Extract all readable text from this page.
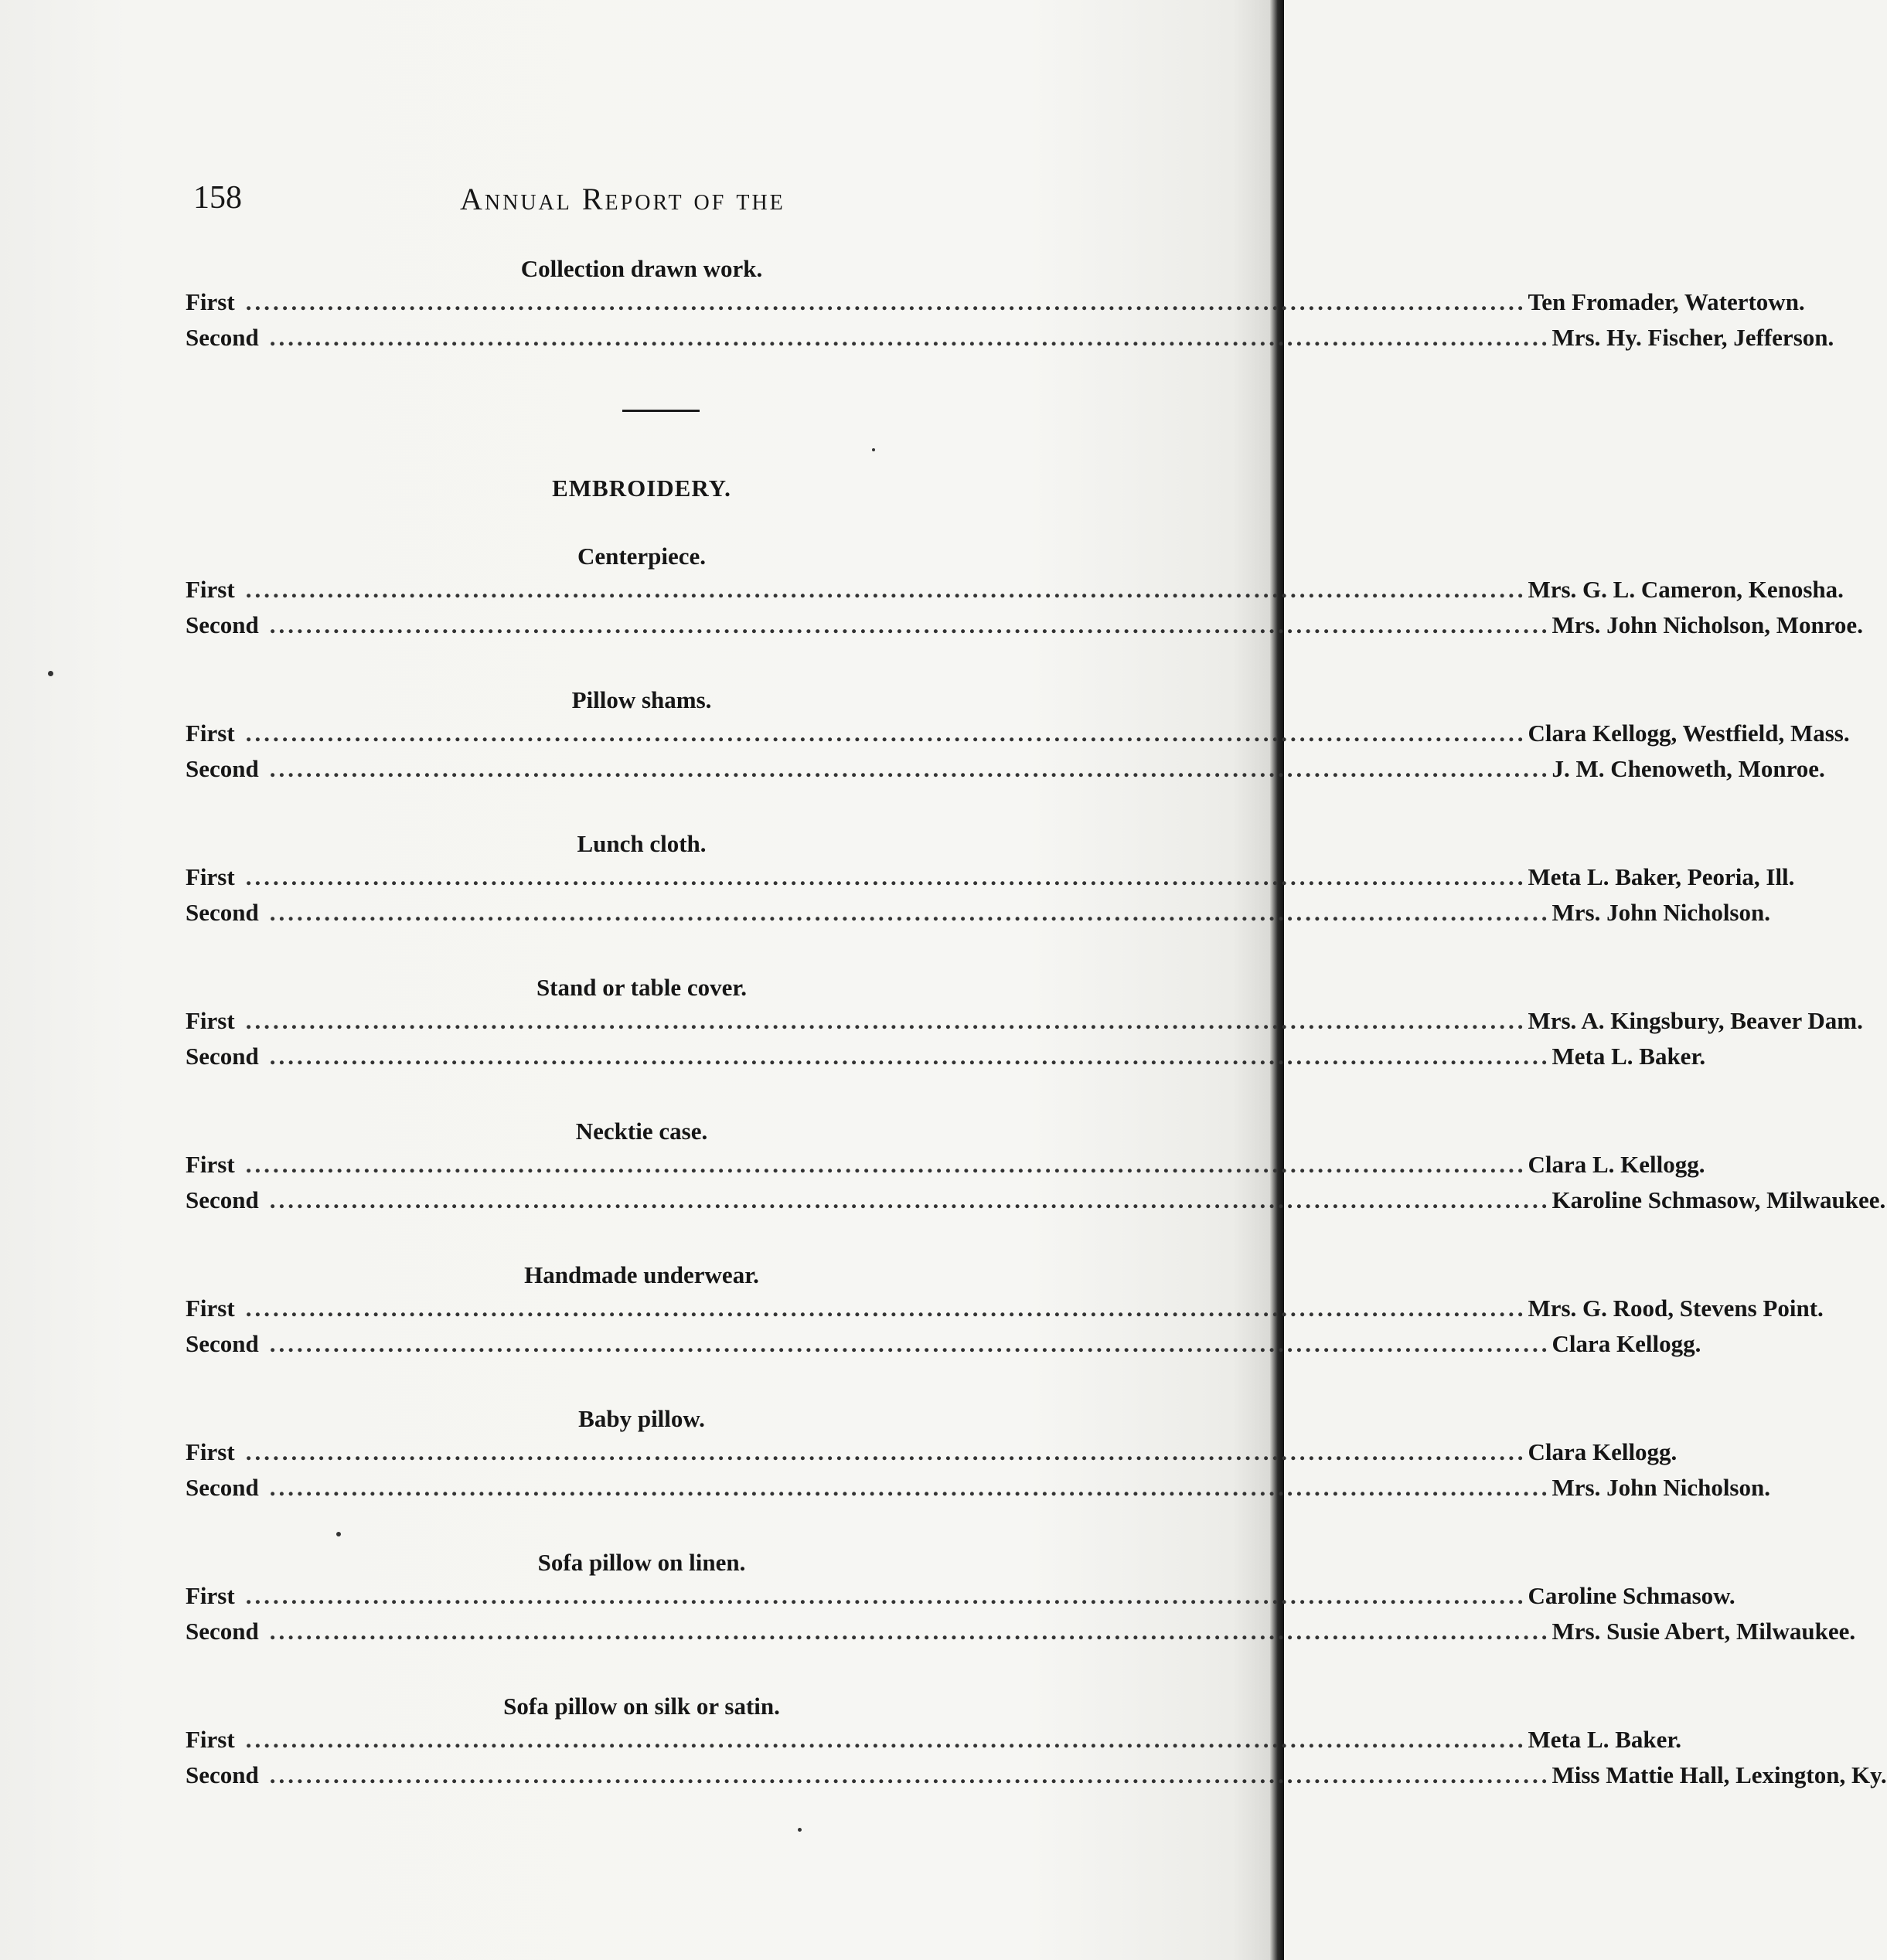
158	Annual Report of the
Collection drawn work.
First ............................................................................................................................................. Ten Fromader, Watertown.
Second ............................................................................................................................................. Mrs. Hy. Fischer, Jefferson.
EMBROIDERY.
Centerpiece.
First ............................................................................................................................................. Mrs. G. L. Cameron, Kenosha.
Second ............................................................................................................................................. Mrs. John Nicholson, Monroe.
Pillow shams.
First ............................................................................................................................................. Clara Kellogg, Westfield, Mass.
Second ............................................................................................................................................. J. M. Chenoweth, Monroe.
Lunch cloth.
First ............................................................................................................................................. Meta L. Baker, Peoria, Ill.
Second ............................................................................................................................................. Mrs. John Nicholson.
Stand or table cover.
First ............................................................................................................................................. Mrs. A. Kingsbury, Beaver Dam.
Second ............................................................................................................................................. Meta L. Baker.
Necktie case.
First ............................................................................................................................................. Clara L. Kellogg.
Second ............................................................................................................................................. Karoline Schmasow, Milwaukee.
Handmade underwear.
First ............................................................................................................................................. Mrs. G. Rood, Stevens Point.
Second ............................................................................................................................................. Clara Kellogg.
Baby pillow.
First ............................................................................................................................................. Clara Kellogg.
Second ............................................................................................................................................. Mrs. John Nicholson.
Sofa pillow on linen.
First ............................................................................................................................................. Caroline Schmasow.
Second ............................................................................................................................................. Mrs. Susie Abert, Milwaukee.
Sofa pillow on silk or satin.
First ............................................................................................................................................. Meta L. Baker.
Second ............................................................................................................................................. Miss Mattie Hall, Lexington, Ky.
